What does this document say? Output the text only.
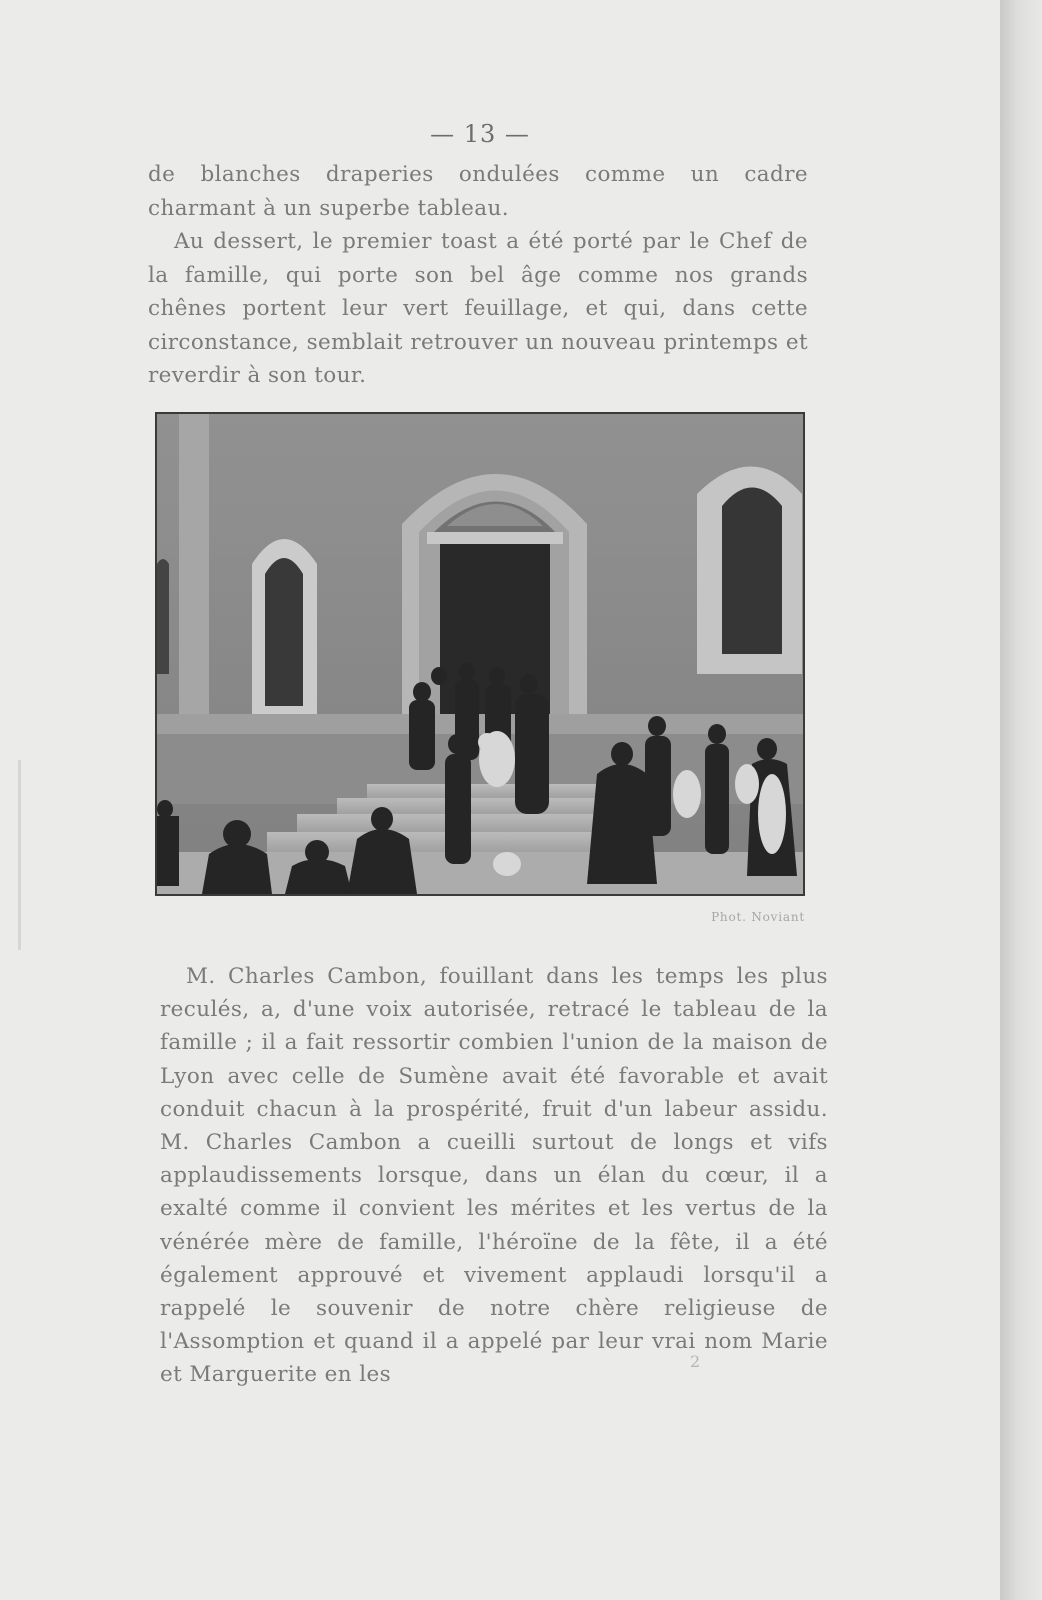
— 13 —

de blanches draperies ondulées comme un cadre charmant à un superbe tableau.

Au dessert, le premier toast a été porté par le Chef de la famille, qui porte son bel âge comme nos grands chênes portent leur vert feuillage, et qui, dans cette circonstance, semblait retrouver un nouveau printemps et reverdir à son tour.

Phot. Noviant

M. Charles Cambon, fouillant dans les temps les plus reculés, a, d'une voix autorisée, retracé le tableau de la famille ; il a fait ressortir combien l'union de la maison de Lyon avec celle de Sumène avait été favorable et avait conduit chacun à la prospérité, fruit d'un labeur assidu. M. Charles Cambon a cueilli surtout de longs et vifs applaudissements lorsque, dans un élan du cœur, il a exalté comme il convient les mérites et les vertus de la vénérée mère de famille, l'héroïne de la fête, il a été également approuvé et vivement applaudi lorsqu'il a rappelé le souvenir de notre chère religieuse de l'Assomption et quand il a appelé par leur vrai nom Marie et Marguerite en les

2
